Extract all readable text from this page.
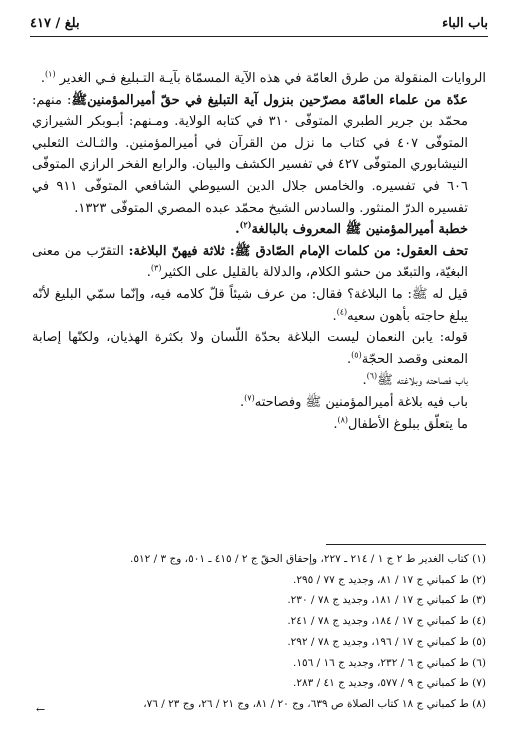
باب الباء
بلغ / ٤١٧

الروايات المنقولة من طرق العامّة في هذه الآية المسمّاة بآيـة التـبليغ فـي الغدير $^{(١)}$.

عدّة من علماء العامّة مصرّحين بنزول آية التبليغ في حقّ أميرالمؤمنينﷺ: منهم: محمّد بن جرير الطبري المتوفّى ٣١٠ في كتابه الولاية. ومـنهم: أبـوبكر الشيرازي المتوفّى ٤٠٧ في كتاب ما نزل من القرآن في أميرالمؤمنين. والثـالث الثعلبي النيشابوري المتوفّى ٤٢٧ في تفسير الكشف والبيان. والرابع الفخر الرازي المتوفّى ٦٠٦ في تفسيره. والخامس جلال الدين السيوطي الشافعي المتوفّى ٩١١ في تفسيره الدرّ المنثور. والسادس الشيخ محمّد عبده المصري المتوفّى ١٣٢٣.

خطبة أميرالمؤمنين ﷺ المعروف بالبالغة$^{(٢)}$.

تحف العقول: من كلمات الإمام الصّادق ﷺ: ثلاثة فيهنّ البلاغة: التقرّب من معنى البغيّة، والتبعّد من حشو الكلام، والدلالة بالقليل على الكثير$^{(٣)}$.

قيل له ﷺ: ما البلاغة؟ فقال: من عرف شيئاً قلّ كلامه فيه، وإنّما سمّي البليغ لأنّه يبلغ حاجته بأهون سعيه$^{(٤)}$.

قوله: يابن النعمان ليست البلاغة بحدّة اللّسان ولا بكثرة الهذيان، ولكنّها إصابة المعنى وقصد الحجّة$^{(٥)}$.

باب فصاحته وبلاغته ﷺ$^{(٦)}$.

باب فيه بلاغة أميرالمؤمنين ﷺ وفصاحته$^{(٧)}$.

ما يتعلّق ببلوغ الأطفال$^{(٨)}$.

(١) كتاب الغدير ط ٢ ج ١ / ٢١٤ ـ ٢٢٧، وإحقاق الحقّ ج ٢ / ٤١٥ ـ ٥٠١، وج ٣ / ٥١٢.
(٢) ط كمباني ج ١٧ / ٨١، وجديد ج ٧٧ / ٢٩٥.
(٣) ط كمباني ج ١٧ / ١٨١، وجديد ج ٧٨ / ٢٣٠.
(٤) ط كمباني ج ١٧ / ١٨٤، وجديد ج ٧٨ / ٢٤١.
(٥) ط كمباني ج ١٧ / ١٩٦، وجديد ج ٧٨ / ٢٩٢.
(٦) ط كمباني ج ٦ / ٢٣٢، وجديد ج ١٦ / ١٥٦.
(٧) ط كمباني ج ٩ / ٥٧٧، وجديد ج ٤١ / ٢٨٣.
(٨) ط كمباني ج ١٨ كتاب الصلاة ص ٦٣٩، وج ٢٠ / ٨١، وج ٢١ / ٢٦، وج ٢٣ / ٧٦،
←
